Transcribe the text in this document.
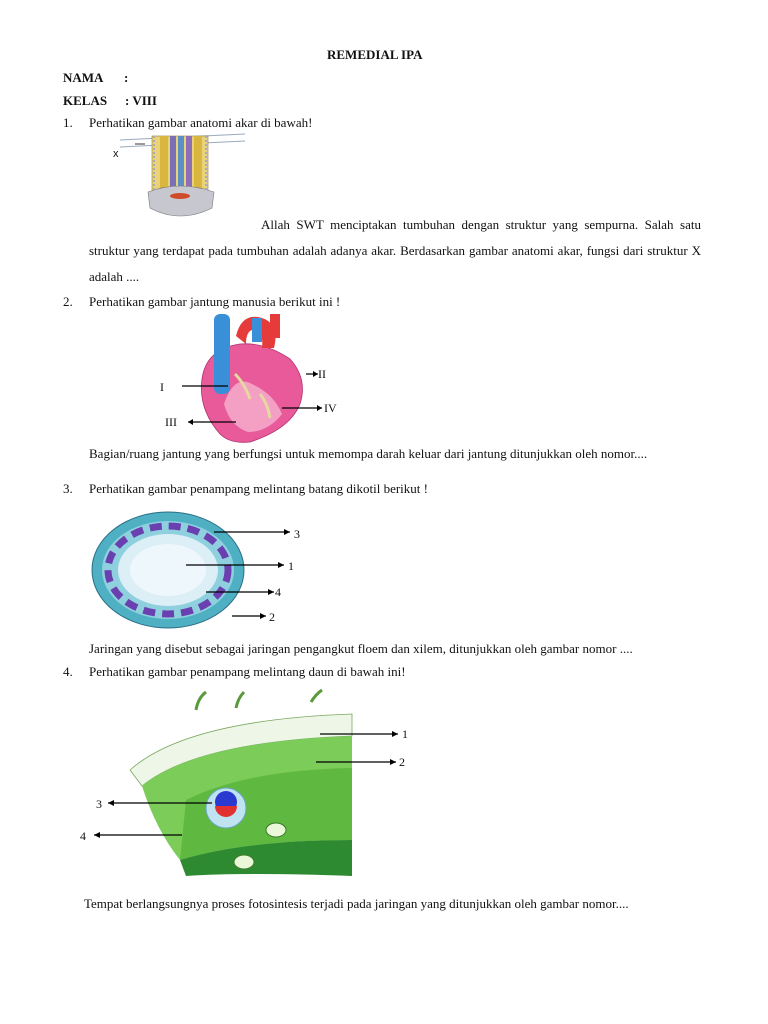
REMEDIAL IPA
NAMA :
KELAS : VIII
1. Perhatikan gambar anatomi akar di bawah!
x
Allah SWT menciptakan tumbuhan dengan struktur yang sempurna. Salah satu struktur yang terdapat pada tumbuhan adalah adanya akar. Berdasarkan gambar anatomi akar, fungsi dari struktur X adalah ....
2. Perhatikan gambar jantung manusia berikut ini !
I
II
III
IV
Bagian/ruang jantung yang berfungsi untuk memompa darah keluar dari jantung ditunjukkan oleh nomor....
3. Perhatikan gambar penampang melintang batang dikotil berikut !
3
1
4
2
Jaringan yang disebut sebagai jaringan pengangkut floem dan xilem, ditunjukkan oleh gambar nomor ....
4. Perhatikan gambar penampang melintang daun di bawah ini!
1
2
3
4
Tempat berlangsungnya proses fotosintesis terjadi pada jaringan yang ditunjukkan oleh gambar nomor....
